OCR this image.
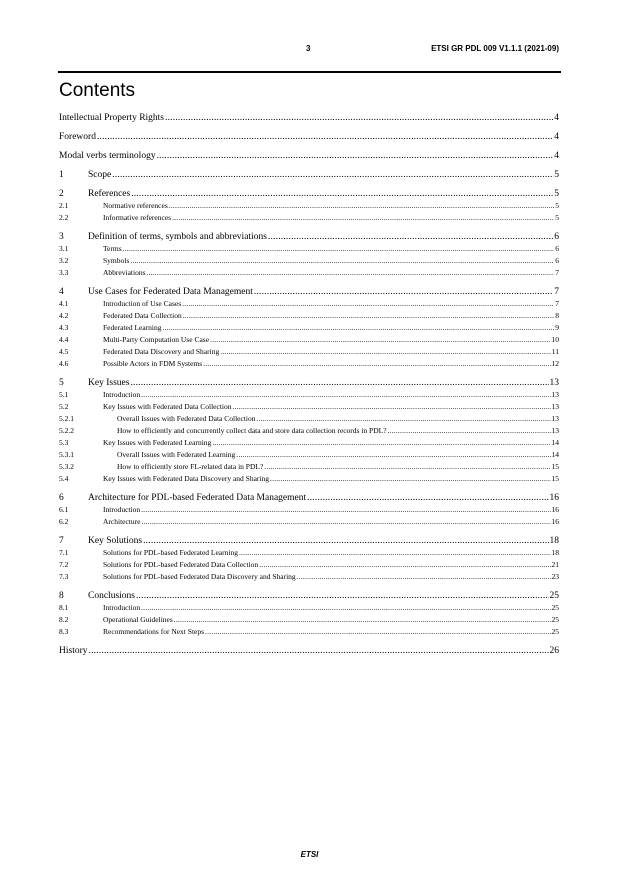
3	ETSI GR PDL 009 V1.1.1 (2021-09)
Contents
Intellectual Property Rights .....	4
Foreword .....	4
Modal verbs terminology .....	4
1	Scope .....	5
2	References .....	5
2.1	Normative references .....	5
2.2	Informative references .....	5
3	Definition of terms, symbols and abbreviations .....	6
3.1	Terms .....	6
3.2	Symbols .....	6
3.3	Abbreviations .....	7
4	Use Cases for Federated Data Management .....	7
4.1	Introduction of Use Cases .....	7
4.2	Federated Data Collection .....	8
4.3	Federated Learning .....	9
4.4	Multi-Party Computation Use Case .....	10
4.5	Federated Data Discovery and Sharing .....	11
4.6	Possible Actors in FDM Systems .....	12
5	Key Issues .....	13
5.1	Introduction .....	13
5.2	Key Issues with Federated Data Collection .....	13
5.2.1	Overall Issues with Federated Data Collection .....	13
5.2.2	How to efficiently and concurrently collect data and store data collection records in PDL? .....	13
5.3	Key Issues with Federated Learning .....	14
5.3.1	Overall Issues with Federated Learning .....	14
5.3.2	How to efficiently store FL-related data in PDL? .....	15
5.4	Key Issues with Federated Data Discovery and Sharing .....	15
6	Architecture for PDL-based Federated Data Management .....	16
6.1	Introduction .....	16
6.2	Architecture .....	16
7	Key Solutions .....	18
7.1	Solutions for PDL-based Federated Learning .....	18
7.2	Solutions for PDL-based Federated Data Collection .....	21
7.3	Solutions for PDL-based Federated Data Discovery and Sharing .....	23
8	Conclusions .....	25
8.1	Introduction .....	25
8.2	Operational Guidelines .....	25
8.3	Recommendations for Next Steps .....	25
History .....	26
ETSI
